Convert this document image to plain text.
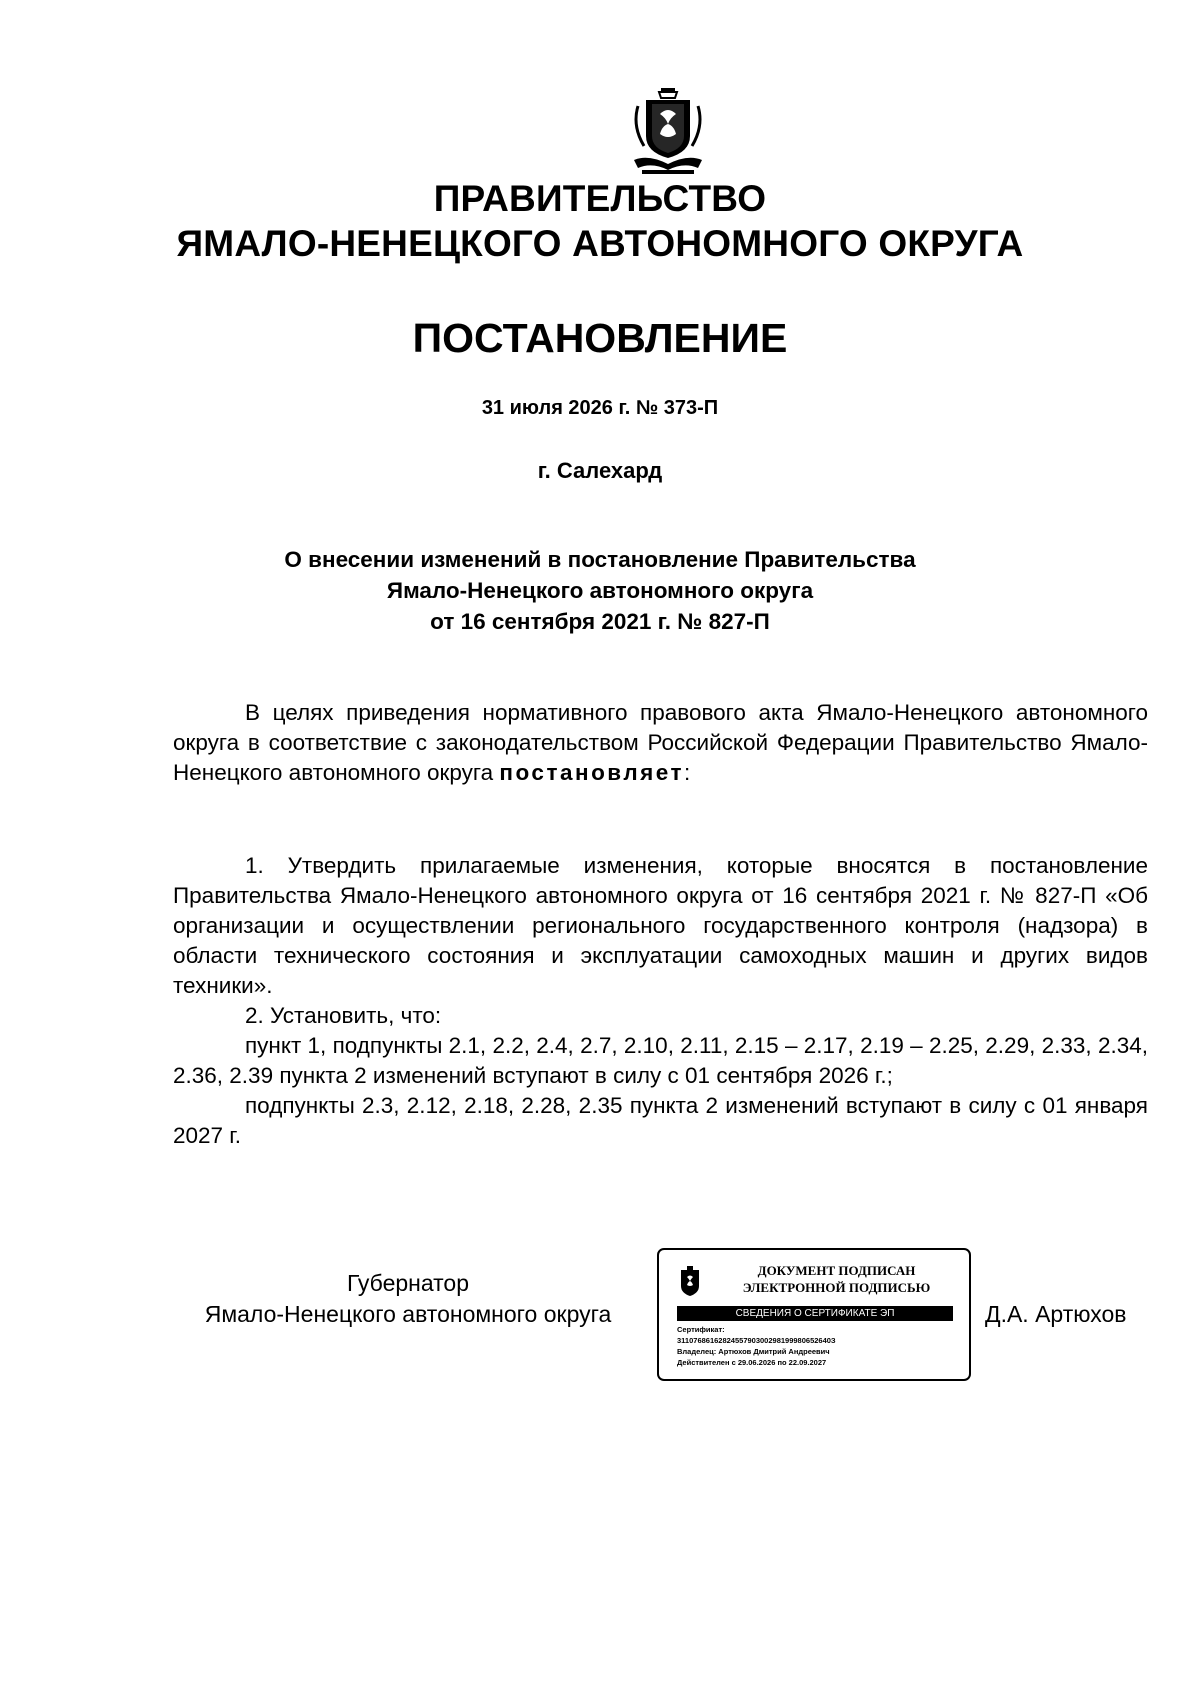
ПРАВИТЕЛЬСТВО
ЯМАЛО-НЕНЕЦКОГО АВТОНОМНОГО ОКРУГА
ПОСТАНОВЛЕНИЕ
31 июля 2026 г. № 373-П
г. Салехард
О внесении изменений в постановление Правительства
Ямало-Ненецкого автономного округа
от 16 сентября 2021 г. № 827-П

В целях приведения нормативного правового акта Ямало-Ненецкого автономного округа в соответствие с законодательством Российской Федерации Правительство Ямало-Ненецкого автономного округа постановляет:

1. Утвердить прилагаемые изменения, которые вносятся в постановление Правительства Ямало-Ненецкого автономного округа от 16 сентября 2021 г. № 827-П «Об организации и осуществлении регионального государственного контроля (надзора) в области технического состояния и эксплуатации самоходных машин и других видов техники».

2. Установить, что:

пункт 1, подпункты 2.1, 2.2, 2.4, 2.7, 2.10, 2.11, 2.15 – 2.17, 2.19 – 2.25, 2.29, 2.33, 2.34, 2.36, 2.39 пункта 2 изменений вступают в силу с 01 сентября 2026 г.;

подпункты 2.3, 2.12, 2.18, 2.28, 2.35 пункта 2 изменений вступают в силу с 01 января 2027 г.

Губернатор
Ямало-Ненецкого автономного округа
ДОКУМЕНТ ПОДПИСАН
ЭЛЕКТРОННОЙ ПОДПИСЬЮ
СВЕДЕНИЯ О СЕРТИФИКАТЕ ЭП
Сертификат:
3110768616282455790300298199980652640З
Владелец: Артюхов Дмитрий Андреевич
Действителен с 29.06.2026 по 22.09.2027
Д.А. Артюхов
